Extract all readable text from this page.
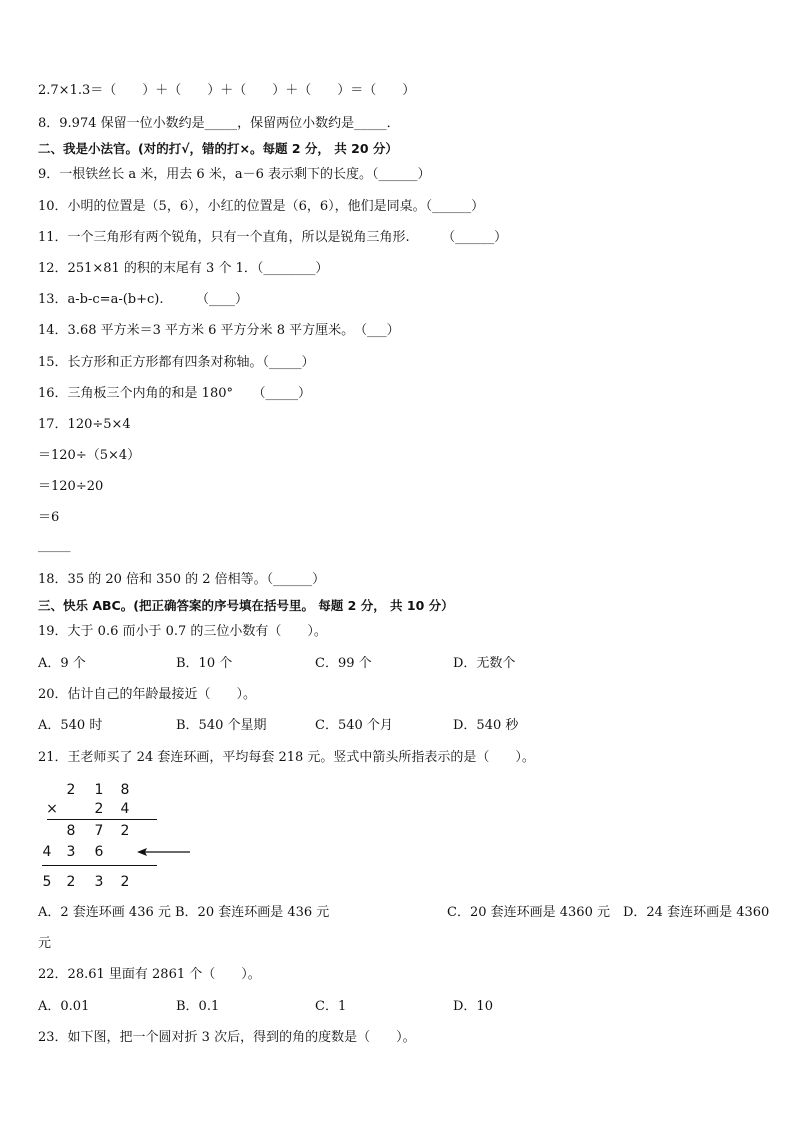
2.7×1.3＝（　　）＋（　　）＋（　　）＋（　　）＝（　　）
8．9.974 保留一位小数约是_____，保留两位小数约是_____．
二、我是小法官。(对的打√，错的打×。每题 2 分， 共 20 分）
9．一根铁丝长 a 米，用去 6 米，a－6 表示剩下的长度。（______）
10．小明的位置是（5，6），小红的位置是（6，6），他们是同桌。（______）
11．一个三角形有两个锐角，只有一个直角，所以是锐角三角形.　　　（______）
12．251×81 的积的末尾有 3 个 1．（________）
13．a-b-c=a-(b+c).　　　（____）
14．3.68 平方米＝3 平方米 6 平方分米 8 平方厘米。　（___）
15．长方形和正方形都有四条对称轴。（_____）
16．三角板三个内角的和是 180°　　（_____）
17．120÷5×4
＝120÷（5×4）
＝120÷20
＝6
_____
18．35 的 20 倍和 350 的 2 倍相等。（______）
三、快乐 ABC。(把正确答案的序号填在括号里。 每题 2 分， 共 10 分）
19．大于 0.6 而小于 0.7 的三位小数有（　　）。
A．9 个	B．10 个	C．99 个	D．无数个
20．估计自己的年龄最接近（　　）。
A．540 时	B．540 个星期	C．540 个月	D．540 秒
21．王老师买了 24 套连环画，平均每套 218 元。竖式中箭头所指表示的是（　　）。
2 1 8
×	2 4
8 7 2
4 3 6
5 2 3 2
A．2 套连环画 436 元 B．20 套连环画是 436 元	C．20 套连环画是 4360 元　D．24 套连环画是 4360
元
22．28.61 里面有 2861 个（　　）。
A．0.01	B．0.1	C．1	D．10
23．如下图，把一个圆对折 3 次后，得到的角的度数是（　　）。
